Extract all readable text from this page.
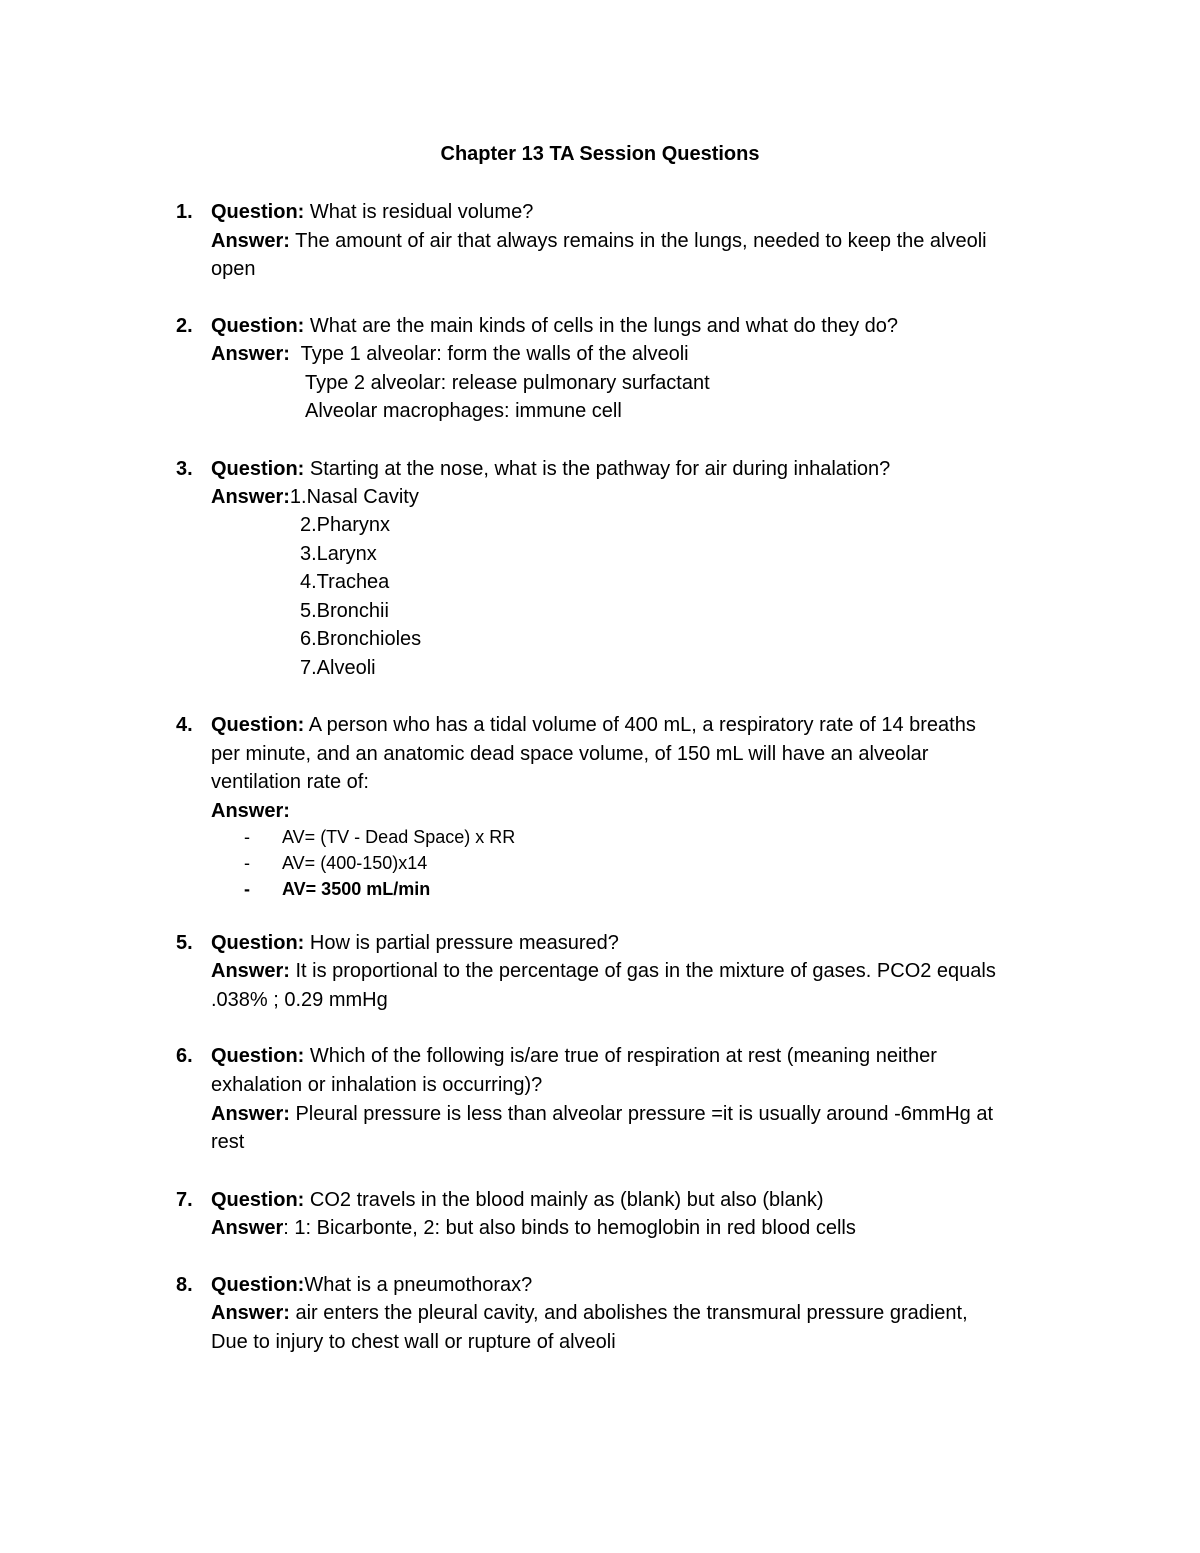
Chapter 13 TA Session Questions
1. Question: What is residual volume?
Answer: The amount of air that always remains in the lungs, needed to keep the alveoli
open
2. Question: What are the main kinds of cells in the lungs and what do they do?
Answer:  Type 1 alveolar: form the walls of the alveoli
Type 2 alveolar: release pulmonary surfactant
Alveolar macrophages: immune cell
3. Question: Starting at the nose, what is the pathway for air during inhalation?
Answer:1.Nasal Cavity
2.Pharynx
3.Larynx
4.Trachea
5.Bronchii
6.Bronchioles
7.Alveoli
4. Question: A person who has a tidal volume of 400 mL, a respiratory rate of 14 breaths
per minute, and an anatomic dead space volume, of 150 mL will have an alveolar
ventilation rate of:
Answer:
- AV= (TV - Dead Space) x RR
- AV= (400-150)x14
- AV= 3500 mL/min
5. Question: How is partial pressure measured?
Answer: It is proportional to the percentage of gas in the mixture of gases. PCO2 equals
.038% ; 0.29 mmHg
6. Question: Which of the following is/are true of respiration at rest (meaning neither
exhalation or inhalation is occurring)?
Answer: Pleural pressure is less than alveolar pressure =it is usually around -6mmHg at
rest
7. Question: CO2 travels in the blood mainly as (blank) but also (blank)
Answer: 1: Bicarbonte, 2: but also binds to hemoglobin in red blood cells
8. Question:What is a pneumothorax?
Answer: air enters the pleural cavity, and abolishes the transmural pressure gradient,
Due to injury to chest wall or rupture of alveoli
